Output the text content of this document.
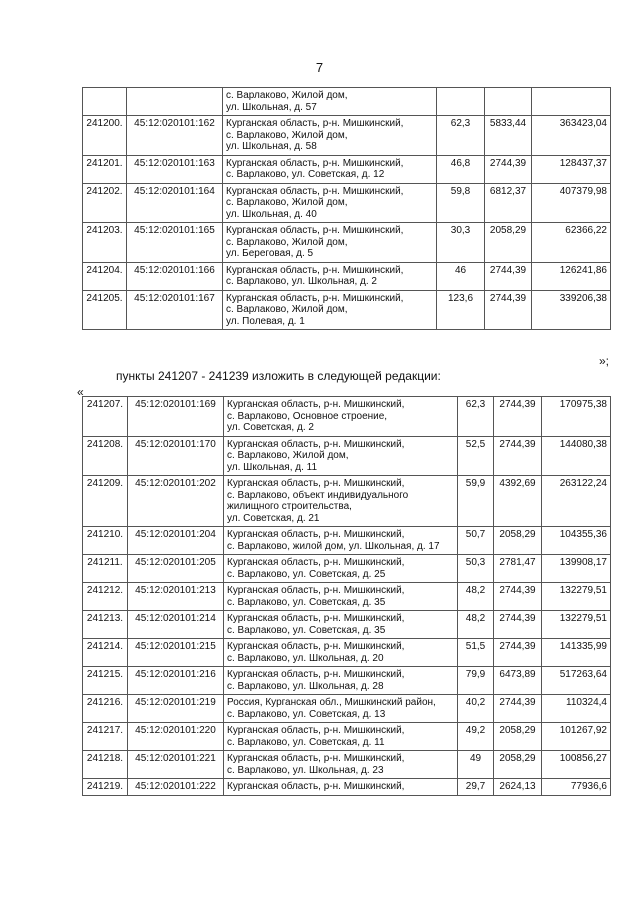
7

		с. Варлаково, Жилой дом,
ул. Школьная, д. 57			

241200.	45:12:020101:162	Курганская область, р-н. Мишкинский,
с. Варлаково, Жилой дом,
ул. Школьная, д. 58	62,3	5833,44	363423,04
241201.	45:12:020101:163	Курганская область, р-н. Мишкинский,
с. Варлаково, ул. Советская, д. 12	46,8	2744,39	128437,37
241202.	45:12:020101:164	Курганская область, р-н. Мишкинский,
с. Варлаково, Жилой дом,
ул. Школьная, д. 40	59,8	6812,37	407379,98
241203.	45:12:020101:165	Курганская область, р-н. Мишкинский,
с. Варлаково, Жилой дом,
ул. Береговая, д. 5	30,3	2058,29	62366,22
241204.	45:12:020101:166	Курганская область, р-н. Мишкинский,
с. Варлаково, ул. Школьная, д. 2	46	2744,39	126241,86
241205.	45:12:020101:167	Курганская область, р-н. Мишкинский,
с. Варлаково, Жилой дом,
ул. Полевая, д. 1	123,6	2744,39	339206,38
»;
пункты 241207 - 241239 изложить в следующей редакции:
«
241207.	45:12:020101:169	Курганская область, р-н. Мишкинский,
с. Варлаково, Основное строение,
ул. Советская, д. 2	62,3	2744,39	170975,38
241208.	45:12:020101:170	Курганская область, р-н. Мишкинский,
с. Варлаково, Жилой дом,
ул. Школьная, д. 11	52,5	2744,39	144080,38
241209.	45:12:020101:202	Курганская область, р-н. Мишкинский,
с. Варлаково, объект индивидуального
жилищного строительства,
ул. Советская, д. 21	59,9	4392,69	263122,24
241210.	45:12:020101:204	Курганская область, р-н. Мишкинский,
с. Варлаково, жилой дом, ул. Школьная, д. 17	50,7	2058,29	104355,36
241211.	45:12:020101:205	Курганская область, р-н. Мишкинский,
с. Варлаково, ул. Советская, д. 25	50,3	2781,47	139908,17
241212.	45:12:020101:213	Курганская область, р-н. Мишкинский,
с. Варлаково, ул. Советская, д. 35	48,2	2744,39	132279,51
241213.	45:12:020101:214	Курганская область, р-н. Мишкинский,
с. Варлаково, ул. Советская, д. 35	48,2	2744,39	132279,51
241214.	45:12:020101:215	Курганская область, р-н. Мишкинский,
с. Варлаково, ул. Школьная, д. 20	51,5	2744,39	141335,99
241215.	45:12:020101:216	Курганская область, р-н. Мишкинский,
с. Варлаково, ул. Школьная, д. 28	79,9	6473,89	517263,64
241216.	45:12:020101:219	Россия, Курганская обл., Мишкинский район,
с. Варлаково, ул. Советская, д. 13	40,2	2744,39	110324,4
241217.	45:12:020101:220	Курганская область, р-н. Мишкинский,
с. Варлаково, ул. Советская, д. 11	49,2	2058,29	101267,92
241218.	45:12:020101:221	Курганская область, р-н. Мишкинский,
с. Варлаково, ул. Школьная, д. 23	49	2058,29	100856,27
241219.	45:12:020101:222	Курганская область, р-н. Мишкинский,	29,7	2624,13	77936,6
